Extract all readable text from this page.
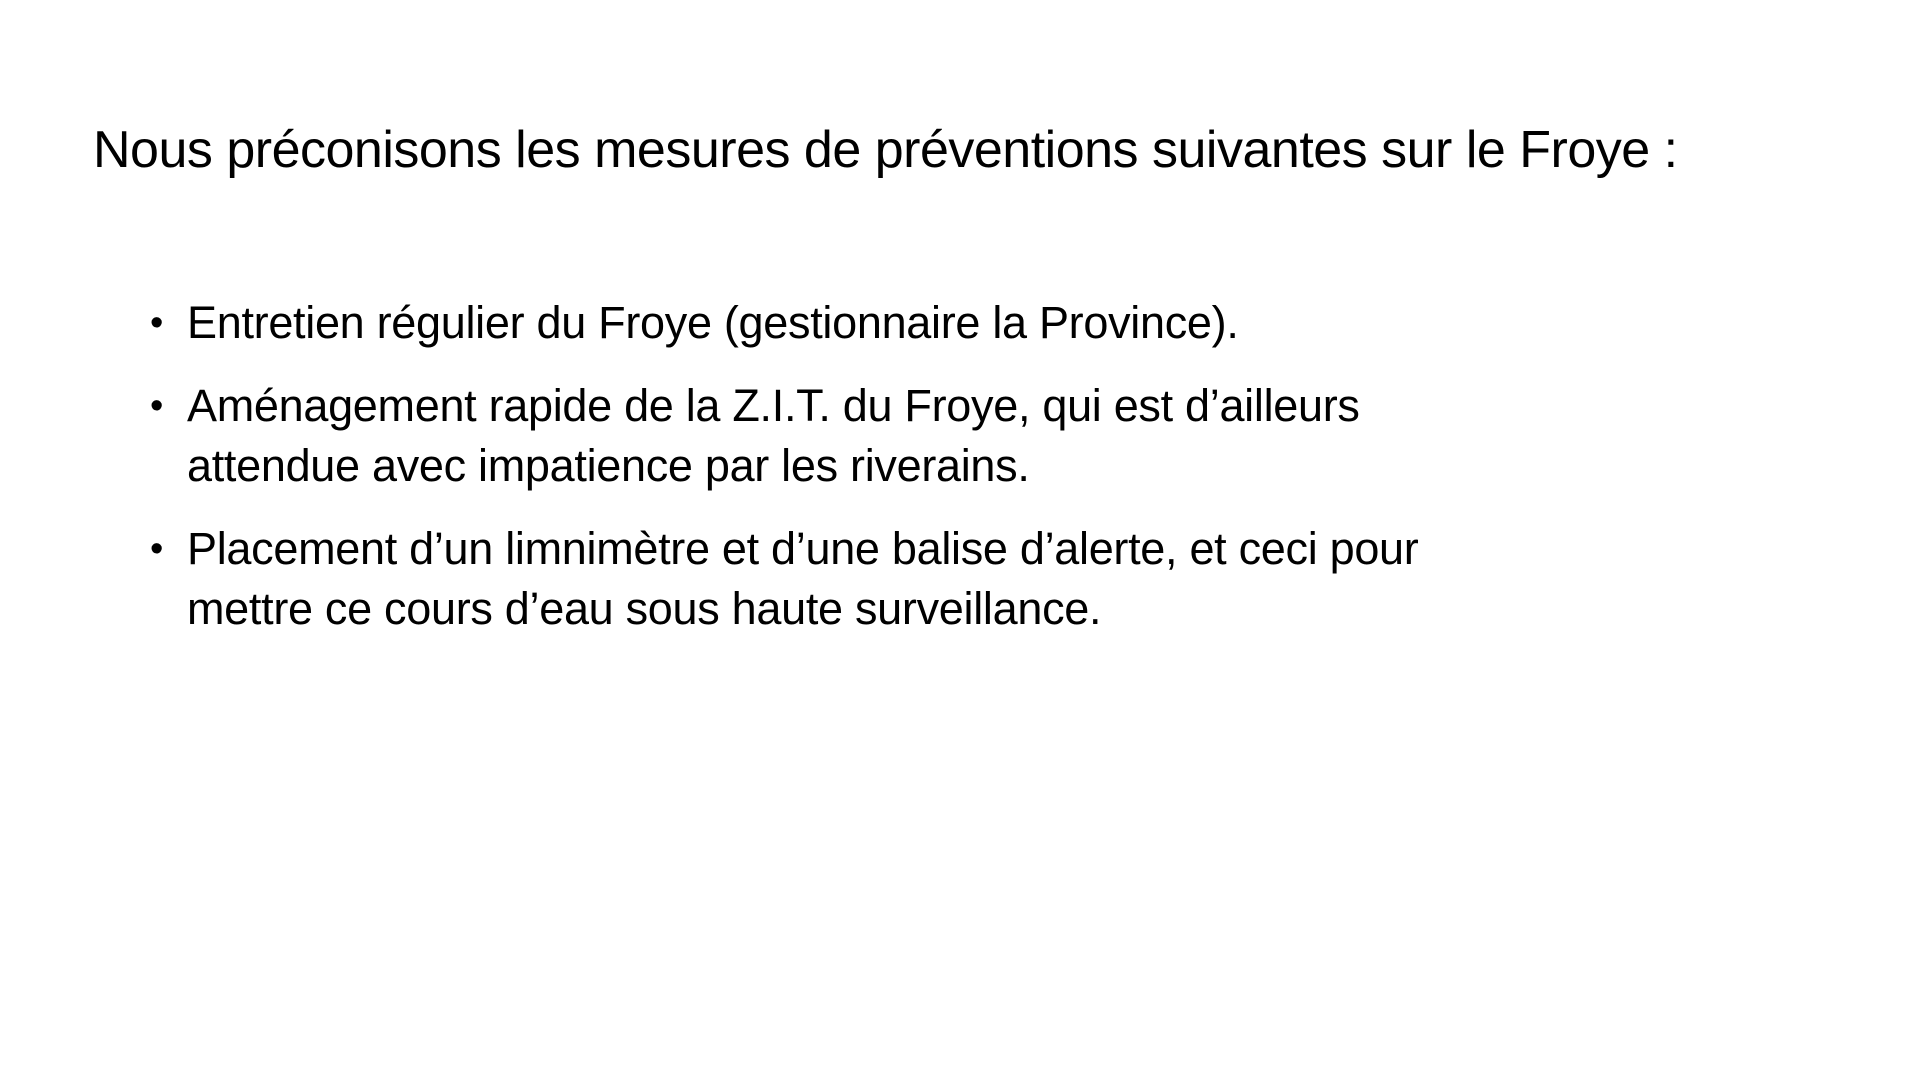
Nous préconisons les mesures de préventions suivantes sur le Froye :
• Entretien régulier du Froye (gestionnaire la Province).
• Aménagement rapide de la Z.I.T. du Froye, qui est d’ailleurs attendue avec impatience par les riverains.
• Placement d’un limnimètre et d’une balise d’alerte, et ceci pour mettre ce cours d’eau sous haute surveillance.
